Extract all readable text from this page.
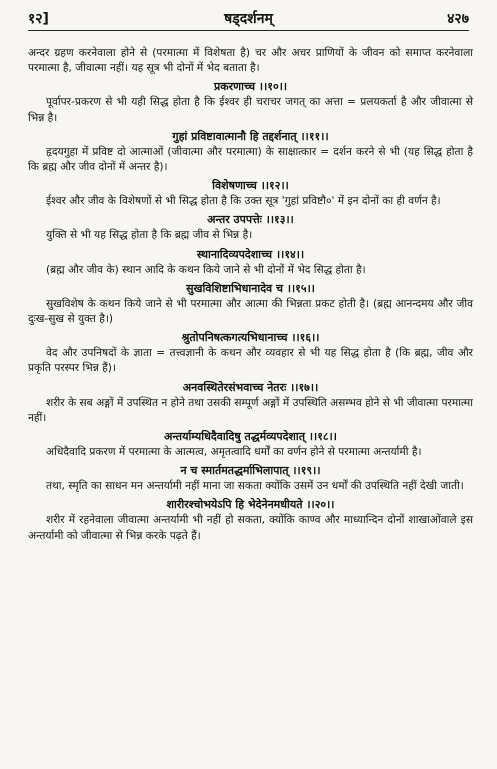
१२]	षड्दर्शनम्	४२७

अन्दर ग्रहण करनेवाला होने से (परमात्मा में विशेषता है) चर और अचर प्राणियों के जीवन को समाप्त करनेवाला परमात्मा है, जीवात्मा नहीं। यह सूत्र भी दोनों में भेद बताता है।

प्रकरणाच्च ।।१०।।

पूर्वापर-प्रकरण से भी यही सिद्ध होता है कि ईश्वर ही चराचर जगत् का अत्ता = प्रलयकर्ता है और जीवात्मा से भिन्न है।

गुहां प्रविष्टावात्मानौ हि तद्दर्शनात् ।।११।।

हृदयगुहा में प्रविष्ट दो आत्माओं (जीवात्मा और परमात्मा) के साक्षात्कार = दर्शन करने से भी (यह सिद्ध होता है कि ब्रह्म और जीव दोनों में अन्तर है)।

विशेषणाच्च ।।१२।।

ईश्वर और जीव के विशेषणों से भी सिद्ध होता है कि उक्त सूत्र 'गुहां प्रविष्टौ०' में इन दोनों का ही वर्णन है।

अन्तर उपपत्तेः ।।१३।।

युक्ति से भी यह सिद्ध होता है कि ब्रह्म जीव से भिन्न है।

स्थानादिव्यपदेशाच्च ।।१४।।

(ब्रह्म और जीव के) स्थान आदि के कथन किये जाने से भी दोनों में भेद सिद्ध होता है।

सुखविशिष्टाभिधानादेव च ।।१५।।

सुखविशेष के कथन किये जाने से भी परमात्मा और आत्मा की भिन्नता प्रकट होती है। (ब्रह्म आनन्दमय और जीव दुःख-सुख से युक्त है।)

श्रुतोपनिषत्कगत्यभिधानाच्च ।।१६।।

वेद और उपनिषदों के ज्ञाता = तत्त्वज्ञानी के कथन और व्यवहार से भी यह सिद्ध होता है (कि ब्रह्म, जीव और प्रकृति परस्पर भिन्न हैं)।

अनवस्थितेरसंभवाच्च नेतरः ।।१७।।

शरीर के सब अङ्गों में उपस्थित न होने तथा उसकी सम्पूर्ण अङ्गों में उपस्थिति असम्भव होने से भी जीवात्मा परमात्मा नहीं।

अन्तर्याम्यधिदैवादिषु तद्धर्मव्यपदेशात् ।।१८।।

अधिदैवादि प्रकरण में परमात्मा के आत्मत्व, अमृतत्वादि धर्मों का वर्णन होने से परमात्मा अन्तर्यामी है।

न च स्मार्तमतद्धर्माभिलापात् ।।१९।।

तथा, स्मृति का साधन मन अन्तर्यामी नहीं माना जा सकता क्योंकि उसमें उन धर्मों की उपस्थिति नहीं देखी जाती।

शारीरश्चोभयेऽपि हि भेदेनेनमधीयते ।।२०।।

शरीर में रहनेवाला जीवात्मा अन्तर्यामी भी नहीं हो सकता, क्योंकि काण्व और माध्यान्दिन दोनों शाखाओंवाले इस अन्तर्यामी को जीवात्मा से भिन्न करके पढ़ते हैं।
